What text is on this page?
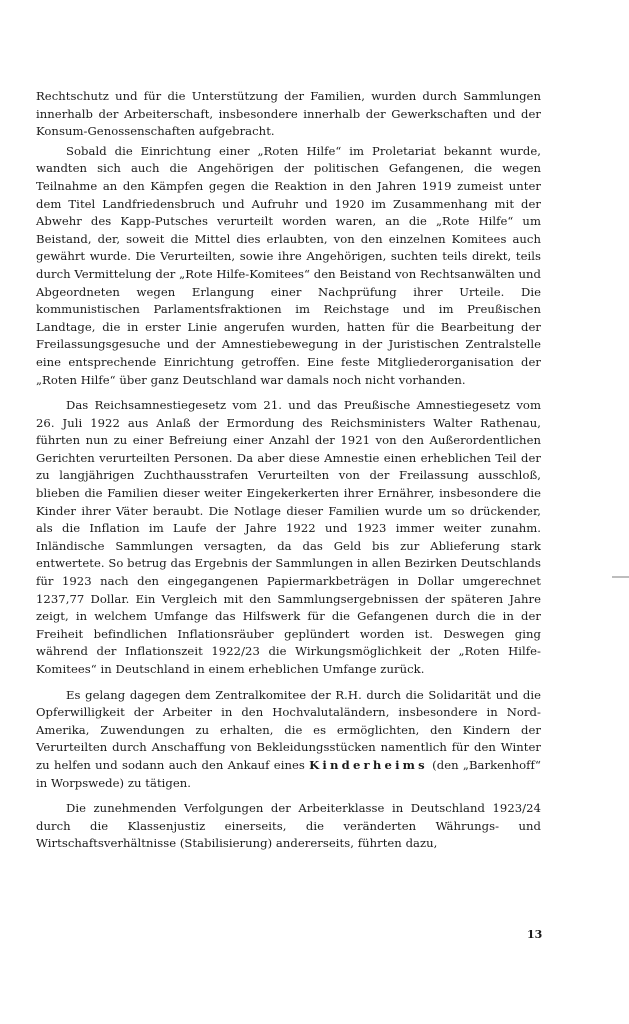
Rechtschutz und für die Unterstützung der Familien, wurden durch Sammlungen innerhalb der Arbeiterschaft, insbesondere innerhalb der Gewerkschaften und der Konsum-Genossenschaften aufgebracht.

Sobald die Einrichtung einer „Roten Hilfe“ im Proletariat bekannt wurde, wandten sich auch die Angehörigen der politischen Gefangenen, die wegen Teilnahme an den Kämpfen gegen die Reaktion in den Jahren 1919 zumeist unter dem Titel Landfriedensbruch und Aufruhr und 1920 im Zusammenhang mit der Abwehr des Kapp-Putsches verurteilt worden waren, an die „Rote Hilfe“ um Beistand, der, soweit die Mittel dies erlaubten, von den einzelnen Komitees auch gewährt wurde. Die Verurteilten, sowie ihre Angehörigen, suchten teils direkt, teils durch Vermittelung der „Rote Hilfe-Komitees“ den Beistand von Rechtsanwälten und Abgeordneten wegen Erlangung einer Nachprüfung ihrer Urteile. Die kommunistischen Parlamentsfraktionen im Reichstage und im Preußischen Landtage, die in erster Linie angerufen wurden, hatten für die Bearbeitung der Freilassungsgesuche und der Amnestiebewegung in der Juristischen Zentralstelle eine entsprechende Einrichtung getroffen. Eine feste Mitgliederorganisation der „Roten Hilfe“ über ganz Deutschland war damals noch nicht vorhanden.

Das Reichsamnestiegesetz vom 21. und das Preußische Amnestiegesetz vom 26. Juli 1922 aus Anlaß der Ermordung des Reichsministers Walter Rathenau, führten nun zu einer Befreiung einer Anzahl der 1921 von den Außerordentlichen Gerichten verurteilten Personen. Da aber diese Amnestie einen erheblichen Teil der zu langjährigen Zuchthausstrafen Verurteilten von der Freilassung ausschloß, blieben die Familien dieser weiter Eingekerkerten ihrer Ernährer, insbesondere die Kinder ihrer Väter beraubt. Die Notlage dieser Familien wurde um so drückender, als die Inflation im Laufe der Jahre 1922 und 1923 immer weiter zunahm. Inländische Sammlungen versagten, da das Geld bis zur Ablieferung stark entwertete. So betrug das Ergebnis der Sammlungen in allen Bezirken Deutschlands für 1923 nach den eingegangenen Papiermarkbeträgen in Dollar umgerechnet 1237,77 Dollar. Ein Vergleich mit den Sammlungsergebnissen der späteren Jahre zeigt, in welchem Umfange das Hilfswerk für die Gefangenen durch die in der Freiheit befindlichen Inflationsräuber geplündert worden ist. Deswegen ging während der Inflationszeit 1922/23 die Wirkungsmöglichkeit der „Roten Hilfe-Komitees“ in Deutschland in einem erheblichen Umfange zurück.

Es gelang dagegen dem Zentralkomitee der R.H. durch die Solidarität und die Opferwilligkeit der Arbeiter in den Hochvalutaländern, insbesondere in Nord-Amerika, Zuwendungen zu erhalten, die es ermöglichten, den Kindern der Verurteilten durch Anschaffung von Bekleidungsstücken namentlich für den Winter zu helfen und sodann auch den Ankauf eines Kinderheims (den „Barkenhoff“ in Worpswede) zu tätigen.

Die zunehmenden Verfolgungen der Arbeiterklasse in Deutschland 1923/24 durch die Klassenjustiz einerseits, die veränderten Währungs- und Wirtschaftsverhältnisse (Stabilisierung) andererseits, führten dazu,

13
